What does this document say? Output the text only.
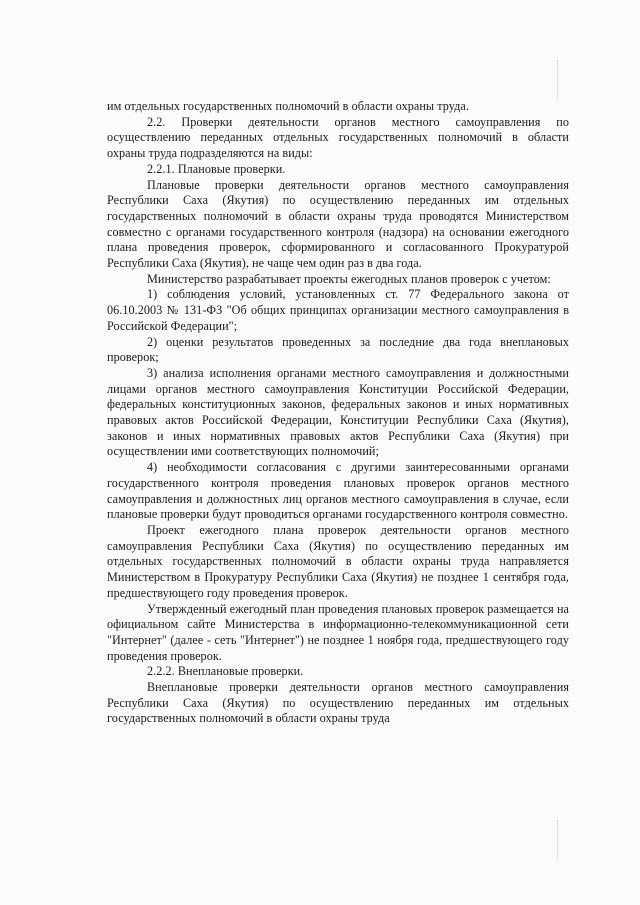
им отдельных государственных полномочий в области охраны труда.

2.2. Проверки деятельности органов местного самоуправления по осуществлению переданных отдельных государственных полномочий в области охраны труда подразделяются на виды:

2.2.1. Плановые проверки.

Плановые проверки деятельности органов местного самоуправления Республики Саха (Якутия) по осуществлению переданных им отдельных государственных полномочий в области охраны труда проводятся Министерством совместно с органами государственного контроля (надзора) на основании ежегодного плана проведения проверок, сформированного и согласованного Прокуратурой Республики Саха (Якутия), не чаще чем один раз в два года.

Министерство разрабатывает проекты ежегодных планов проверок с учетом:

1) соблюдения условий, установленных ст. 77 Федерального закона от 06.10.2003 № 131-ФЗ "Об общих принципах организации местного самоуправления в Российской Федерации";

2) оценки результатов проведенных за последние два года внеплановых проверок;

3) анализа исполнения органами местного самоуправления и должностными лицами органов местного самоуправления Конституции Российской Федерации, федеральных конституционных законов, федеральных законов и иных нормативных правовых актов Российской Федерации, Конституции Республики Саха (Якутия), законов и иных нормативных правовых актов Республики Саха (Якутия) при осуществлении ими соответствующих полномочий;

4) необходимости согласования с другими заинтересованными органами государственного контроля проведения плановых проверок органов местного самоуправления и должностных лиц органов местного самоуправления в случае, если плановые проверки будут проводиться органами государственного контроля совместно.

Проект ежегодного плана проверок деятельности органов местного самоуправления Республики Саха (Якутия) по осуществлению переданных им отдельных государственных полномочий в области охраны труда направляется Министерством в Прокуратуру Республики Саха (Якутия) не позднее 1 сентября года, предшествующего году проведения проверок.

Утвержденный ежегодный план проведения плановых проверок размещается на официальном сайте Министерства в информационно-телекоммуникационной сети "Интернет" (далее - сеть "Интернет") не позднее 1 ноября года, предшествующего году проведения проверок.

2.2.2. Внеплановые проверки.

Внеплановые проверки деятельности органов местного самоуправления Республики Саха (Якутия) по осуществлению переданных им отдельных государственных полномочий в области охраны труда
